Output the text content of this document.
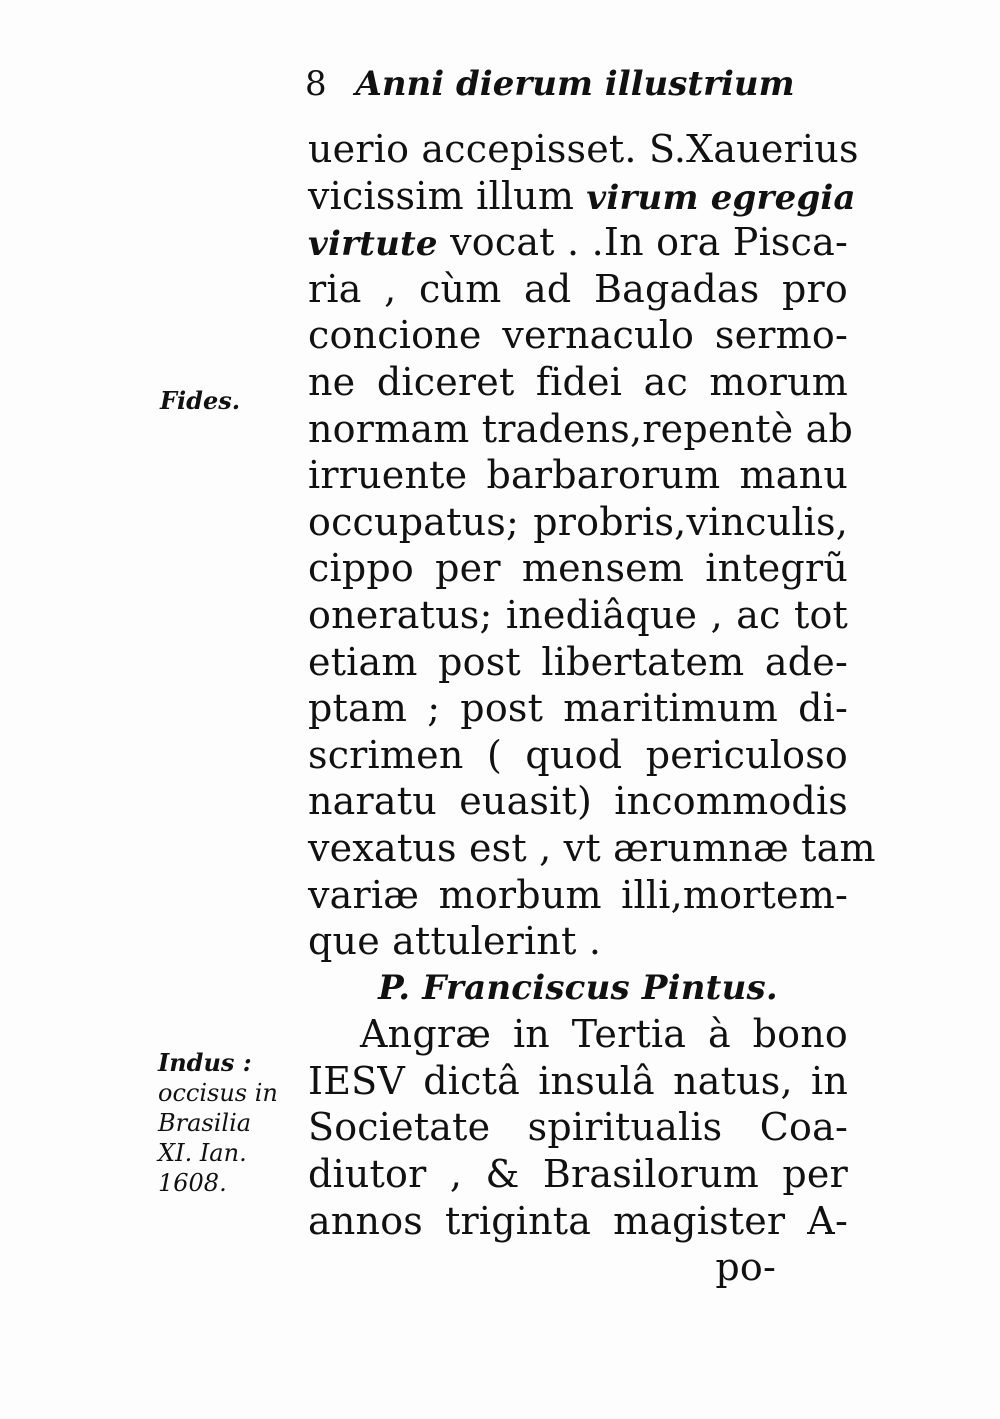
8 Anni dierum illustrium
Fides.
Indus :
occisus in
Brasilia
XI. Ian.
1608.
uerio accepisset. S.Xauerius
vicissim illum virum egregia
virtute vocat . .In ora Pisca-
ria , cùm ad Bagadas pro
concione vernaculo sermo-
ne diceret fidei ac morum
normam tradens,repentè ab
irruente barbarorum manu
occupatus; probris,vinculis,
cippo per mensem integrũ
oneratus; inediâque , ac tot
etiam post libertatem ade-
ptam ; post maritimum di-
scrimen ( quod periculoso
naratu euasit) incommodis
vexatus est , vt ærumnæ tam
variæ morbum illi,mortem-
que attulerint .
P. Franciscus Pintus.
Angræ in Tertia à bono
IESV dictâ insulâ natus, in
Societate spiritualis Coa-
diutor , & Brasilorum per
annos triginta magister A-
po-
